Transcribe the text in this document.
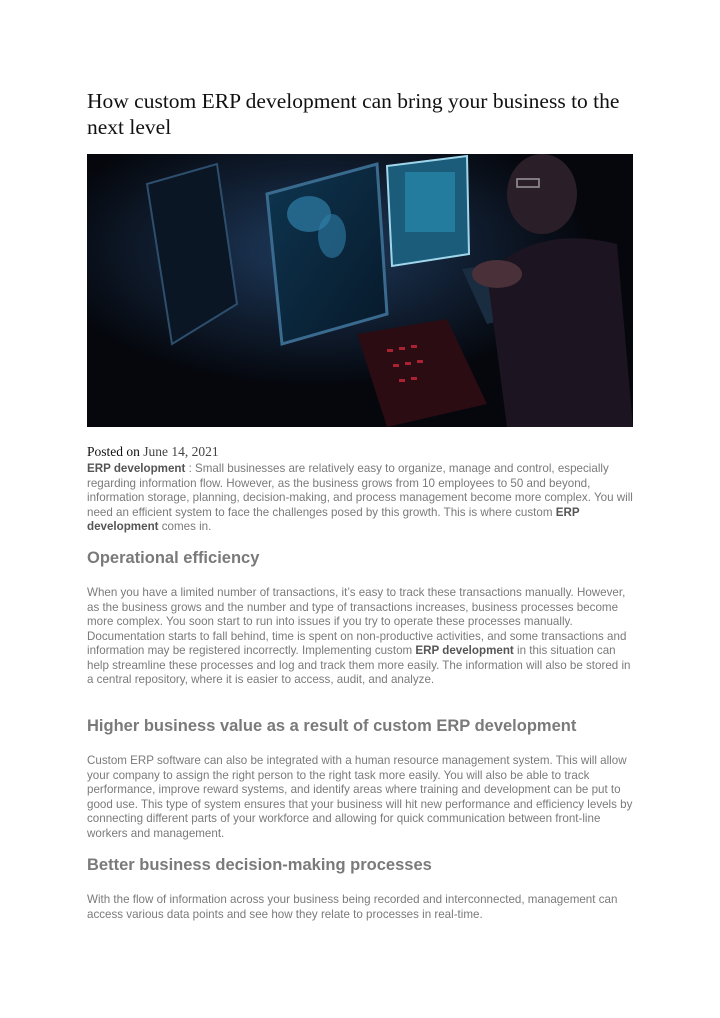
How custom ERP development can bring your business to the next level
Posted on June 14, 2021

ERP development : Small businesses are relatively easy to organize, manage and control, especially regarding information flow. However, as the business grows from 10 employees to 50 and beyond, information storage, planning, decision-making, and process management become more complex. You will need an efficient system to face the challenges posed by this growth. This is where custom ERP development comes in.

Operational efficiency

When you have a limited number of transactions, it’s easy to track these transactions manually. However, as the business grows and the number and type of transactions increases, business processes become more complex. You soon start to run into issues if you try to operate these processes manually. Documentation starts to fall behind, time is spent on non-productive activities, and some transactions and information may be registered incorrectly. Implementing custom ERP development in this situation can help streamline these processes and log and track them more easily. The information will also be stored in a central repository, where it is easier to access, audit, and analyze.

Higher business value as a result of custom ERP development

Custom ERP software can also be integrated with a human resource management system. This will allow your company to assign the right person to the right task more easily. You will also be able to track performance, improve reward systems, and identify areas where training and development can be put to good use. This type of system ensures that your business will hit new performance and efficiency levels by connecting different parts of your workforce and allowing for quick communication between front-line workers and management.

Better business decision-making processes

With the flow of information across your business being recorded and interconnected, management can access various data points and see how they relate to processes in real-time.
